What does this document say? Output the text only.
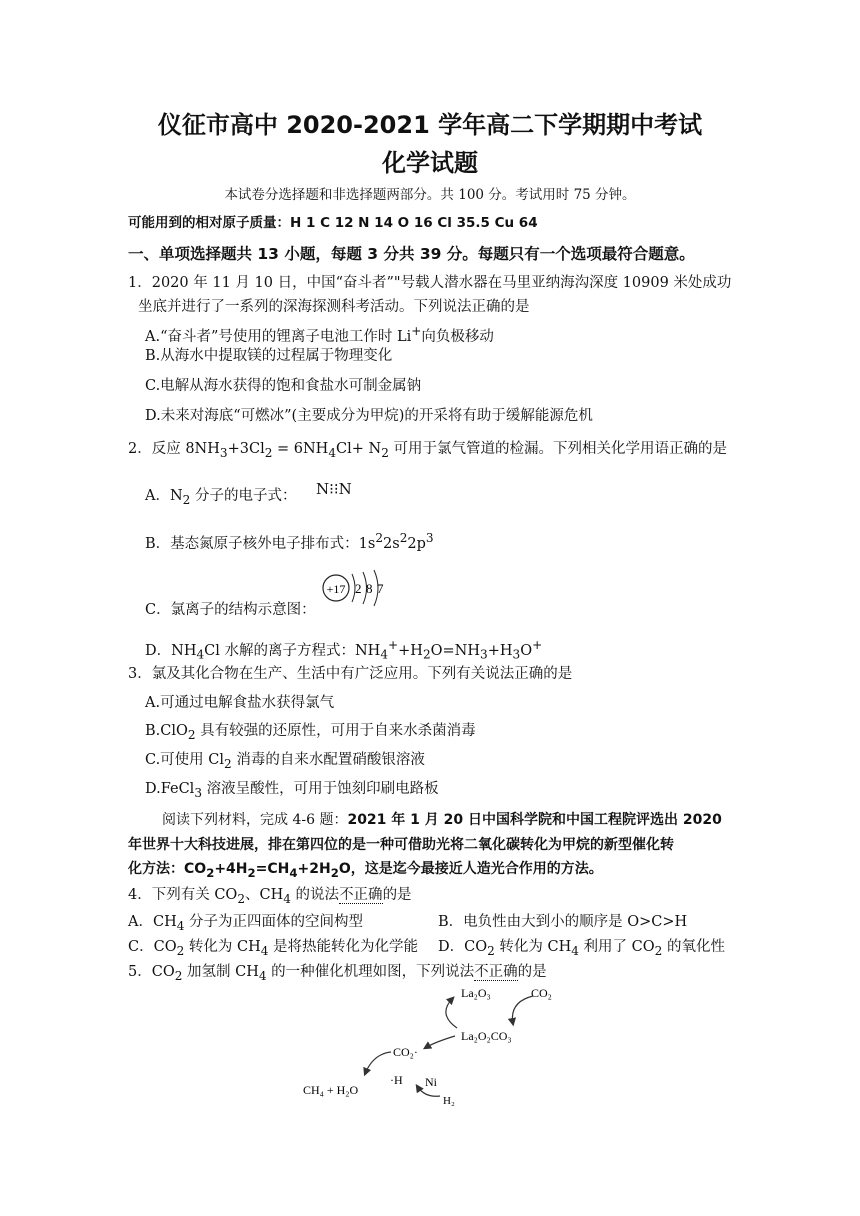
仪征市高中 2020-2021 学年高二下学期期中考试
化学试题
本试卷分选择题和非选择题两部分。共 100 分。考试用时 75 分钟。
可能用到的相对原子质量：H 1 C 12 N 14 O 16 Cl 35.5 Cu 64
一、单项选择题共 13 小题，每题 3 分共 39 分。每题只有一个选项最符合题意。
1．2020 年 11 月 10 日，中国“奋斗者”"号载人潜水器在马里亚纳海沟深度 10909 米处成功
坐底并进行了一系列的深海探测科考活动。下列说法正确的是
A.“奋斗者”号使用的锂离子电池工作时 Li+向负极移动
B.从海水中提取镁的过程属于物理变化
C.电解从海水获得的饱和食盐水可制金属钠
D.未来对海底“可燃冰”(主要成分为甲烷)的开采将有助于缓解能源危机
2．反应 $8NH_3+3Cl_2 = 6NH_4Cl+ N_2$ 可用于氯气管道的检漏。下列相关化学用语正确的是
A．$N_2$ 分子的电子式： N⁝⁝N
B．基态氮原子核外电子排布式：$1s^22s^22p^3$
C．氯离子的结构示意图：
+17 2 8 7
D．$NH_4Cl$ 水解的离子方程式：$NH_4^++H_2O=NH_3+H_3O^+$
3．氯及其化合物在生产、生活中有广泛应用。下列有关说法正确的是
A.可通过电解食盐水获得氯气
B.ClO$_2$ 具有较强的还原性，可用于自来水杀菌消毒
C.可使用 $Cl_2$ 消毒的自来水配置硝酸银溶液
D.FeCl$_3$ 溶液呈酸性，可用于蚀刻印刷电路板
阅读下列材料，完成 4-6 题：2021 年 1 月 20 日中国科学院和中国工程院评选出 2020
年世界十大科技进展，排在第四位的是一种可借助光将二氧化碳转化为甲烷的新型催化转
化方法：$CO_2+4H_2=CH_4+2H_2O$，这是迄今最接近人造光合作用的方法。
4．下列有关 $CO_2$、$CH_4$ 的说法不正确的是
A．$CH_4$ 分子为正四面体的空间构型	B．电负性由大到小的顺序是 O>C>H
C．$CO_2$ 转化为 $CH_4$ 是将热能转化为化学能 D．$CO_2$ 转化为 $CH_4$ 利用了 $CO_2$ 的氧化性
5．$CO_2$ 加氢制 $CH_4$ 的一种催化机理如图，下列说法不正确的是
La₂O₃	CO₂
La₂O₂CO₃
CO₂·
·H Ni
H₂
CH₄ + H₂O
